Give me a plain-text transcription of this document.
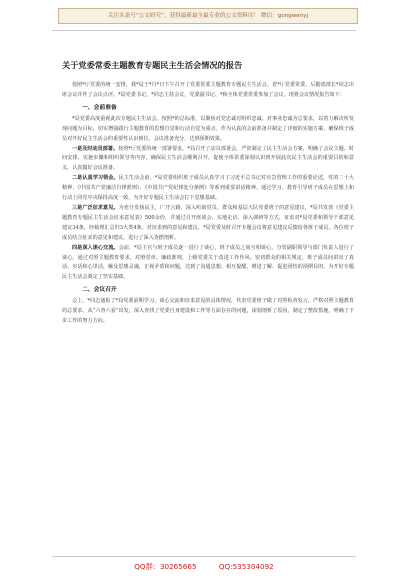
关注头条号“公文研究”，获得最新最全最专业的公文资料库！ 微信：gongwenyj
关于党委常委主题教育专题民主生活会情况的报告
按照*厅党委的统一安排，我*局于*月*日下午召开了党委常委主题教育专题民主生活会。省*厅党委常委、后勤部部长*同志出席会议并作了会议点评。*局党委书记、*同志主持会议，党委副书记、*和全体党委常委参加了会议。现将会议情况报告如下：
一、会前准备
*局党委高度重视此次专题民主生活会。按照*的总标准，以聚焦对党忠诚对组织忠诚、对事业忠诚为总要求，以着力解决所发现问题为目标，切实增强践行主题教育的思想自觉和行动自觉为重点，作为认真的会前准备并制定了详细的实施方案，确保班子成员对开好民主生活会的重要性认识到位，会议准备充分，达到预期效果。
一是及时动员部署。按照*厅党委的统一部署要求，*局召开了动员部署会，严密制定了民主生活会方案，明确了会议主题、时间安排、实施步骤和组织领导等内容，确保民主生活会顺利召开，促使全体常委深刻认识到开展此次民主生活会的重要目的和意义，认真做好会议准备。
二是认真学习领会。民主生活会前，*局党委组织班子成员认真学习了习近平总书记对应急管理工作的重要论述，党的二十大精神，《中国共产党廉洁自律准则》、《中国共产党纪律处分条例》等系列重要讲话精神。通过学习，教育引导班子成员在思想上和行动上同党中央保持高度一致，为开好专题民主生活会打下思想基础。
三是广泛征求意见。为充分发扬民主，广开言路，深入听取党员、群众和基层大队党委班子的意见建议，*局共发放《党委主题教育专题民主生活会征求意见表》500余份，并通过召开座谈会、实地走访、深入调研等方式，征求对*局党委和领导干部意见建议34条，经梳理汇总归3大类4条。对征求到的意见和建议，*局党委及时召开专题会议将意见建议反馈给各班子成员，各位班子成员结合征求的意见和建议，进行了深入查摆剖析。
四是深入谈心交流。会前，*局主官与班子成员逐一进行了谈心，班子成员之间互相谈心，分管副职领导与部门负责人进行了谈心。通过对照主题教育要求，对照党章、廉政准则，上级党委关于改进工作作风、密切群众的相关规定，班子成员间讲出了真话、实话和心里话，触及思想灵魂，正视矛盾和问题，达到了沟通思想、相互提醒、增进了解、促进团结的预期目的，为开好专题民主生活会奠定了坚实基础。
二、会议召开
会上，*同志通报了*局党委前期学习、谈心交流和征求意见的具体情况，代表党委班子做了对照检查发言，严格对照主题教育的总要求，从“六查六看”出发，深入查找了党委自身建设和工作等方面存在的问题，深刻剖析了原因，制定了整改措施，明确了下步工作的努力方向。
QQ群：30265665	QQ:535304092
